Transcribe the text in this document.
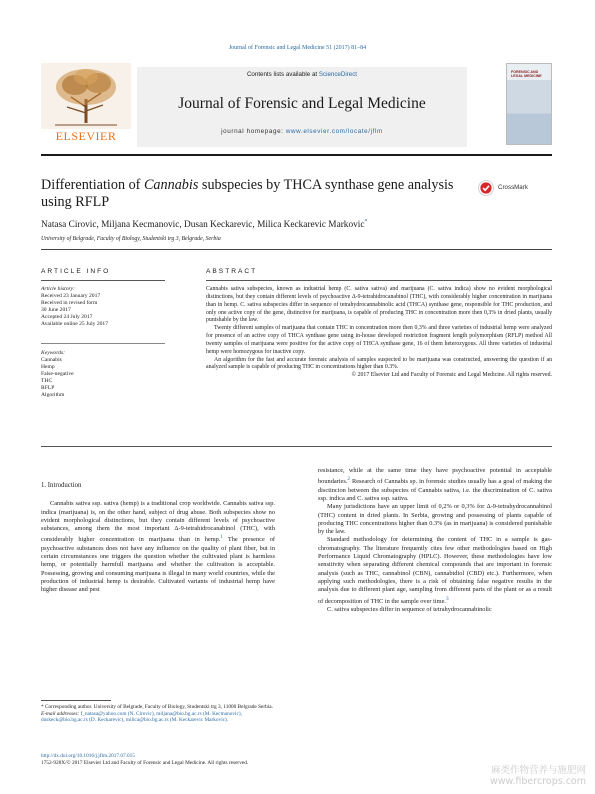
Journal of Forensic and Legal Medicine 51 (2017) 81–84
ELSEVIER
Contents lists available at ScienceDirect
Journal of Forensic and Legal Medicine
journal homepage: www.elsevier.com/locate/jflm
FORENSIC AND LEGAL MEDICINE
Differentiation of Cannabis subspecies by THCA synthase gene analysis using RFLP
CrossMark
Natasa Cirovic, Miljana Kecmanovic, Dusan Keckarevic, Milica Keckarevic Markovic*
University of Belgrade, Faculty of Biology, Studentski trg 3, Belgrade, Serbia
ARTICLE INFO	ABSTRACT
Article history:
Received 23 January 2017
Received in revised form
30 June 2017
Accepted 24 July 2017
Available online 25 July 2017
Keywords:
Cannabis
Hemp
False-negative
THC
RFLP
Algorithm

Cannabis sativa subspecies, known as industrial hemp (C. sativa sativa) and marijuana (C. sativa indica) show no evident morphological distinctions, but they contain different levels of psychoactive Δ-9-tetrahidrocanabinol (THC), with considerably higher concentration in marijuana than in hemp. C. sativa subspecies differ in sequence of tetrahydrocannabinolic acid (THCA) synthase gene, responsible for THC production, and only one active copy of the gene, distinctive for marijuana, is capable of producing THC in concentration more then 0,3% in dried plants, usually punishable by the law.

Twenty different samples of marijuana that contain THC in concentration more then 0,3% and three varieties of industrial hemp were analyzed for presence of an active copy of THCA synthase gene using in-house developed restriction fragment length polymorphism (RFLP) method All twenty samples of marijuana were positive for the active copy of THCA synthase gene, 16 of them heterozygous. All three varieties of industrial hemp were homozygous for inactive copy.

An algorithm for the fast and accurate forensic analysis of samples suspected to be marijuana was constructed, answering the question if an analyzed sample is capable of producing THC in concentrations higher than 0.3%.

© 2017 Elsevier Ltd and Faculty of Forensic and Legal Medicine. All rights reserved.

1. Introduction

Cannabis sativa ssp. sativa (hemp) is a traditional crop worldwide. Cannabis sativa ssp. indica (marijuana) is, on the other hand, subject of drug abuse. Both subspecies show no evident morphological distinctions, but they contain different levels of psychoactive substances, among them the most important Δ-9-tetrahidrocanabinol (THC), with considerably higher concentration in marijuana than in hemp.$^1$ The presence of psychoactive substances does not have any influence on the quality of plant fiber, but in certain circumstances one triggers the question whether the cultivated plant is harmless hemp, or potentially harmfull marijuana and whether the cultivation is acceptable. Possessing, growing and consuming marijuana is illegal in many world countries, while the production of industrial hemp is desirable. Cultivated variants of industrial hemp have higher disease and pest

resistance, while at the same time they have psychoactive potential in acceptable boundaries.$^2$ Research of Cannabis sp. in forensic studies usually has a goal of making the disctincion between the subspecies of Cannabis sativa, i.e. the discrimination of C. sativa ssp. indica and C. sativa ssp. sativa.

Many jurisdictions have an upper limit of 0,2% or 0,3% for Δ-9-tetrahydrocannabinol (THC) content in dried plants. In Serbia, growing and possessing of plants capable of producing THC concentrations higher than 0.3% (as in marijuana) is considered punishable by the law.

Standard methodology for determining the content of THC in a sample is gas-chromatography. The literature frequently cites few other methodologies based on High Performance Liquid Chromatography (HPLC). However, these methodologies have low sensitivity when separating different chemical compounds that are important in forensic analysis (such as THC, cannabinol (CBN), cannabidiol (CBD) etc.). Furthermore, when applying such methodologies, there is a risk of obtaining false negative results in the analysis due to different plant age, sampling from different parts of the plant or as a result of decomposition of THC in the sample over time.$^3$

C. sativa subspecies differ in sequence of tetrahydrocannabinolic

* Corresponding author. University of Belgrade, Faculty of Biology, Studentski trg 3, 11000 Belgrade Serbia.
E-mail addresses: f_natasa@yahoo.com (N. Cirovic), miljana@bio.bg.ac.rs (M. Kecmanovic), duskeck@bio.bg.ac.rs (D. Keckarevic), milica@bio.bg.ac.rs (M. Keckarevic Markovic).
http://dx.doi.org/10.1016/j.jflm.2017.07.015
1752-928X/© 2017 Elsevier Ltd and Faculty of Forensic and Legal Medicine. All rights reserved.
麻类作物营养与施肥网 www.fibercrops.com
